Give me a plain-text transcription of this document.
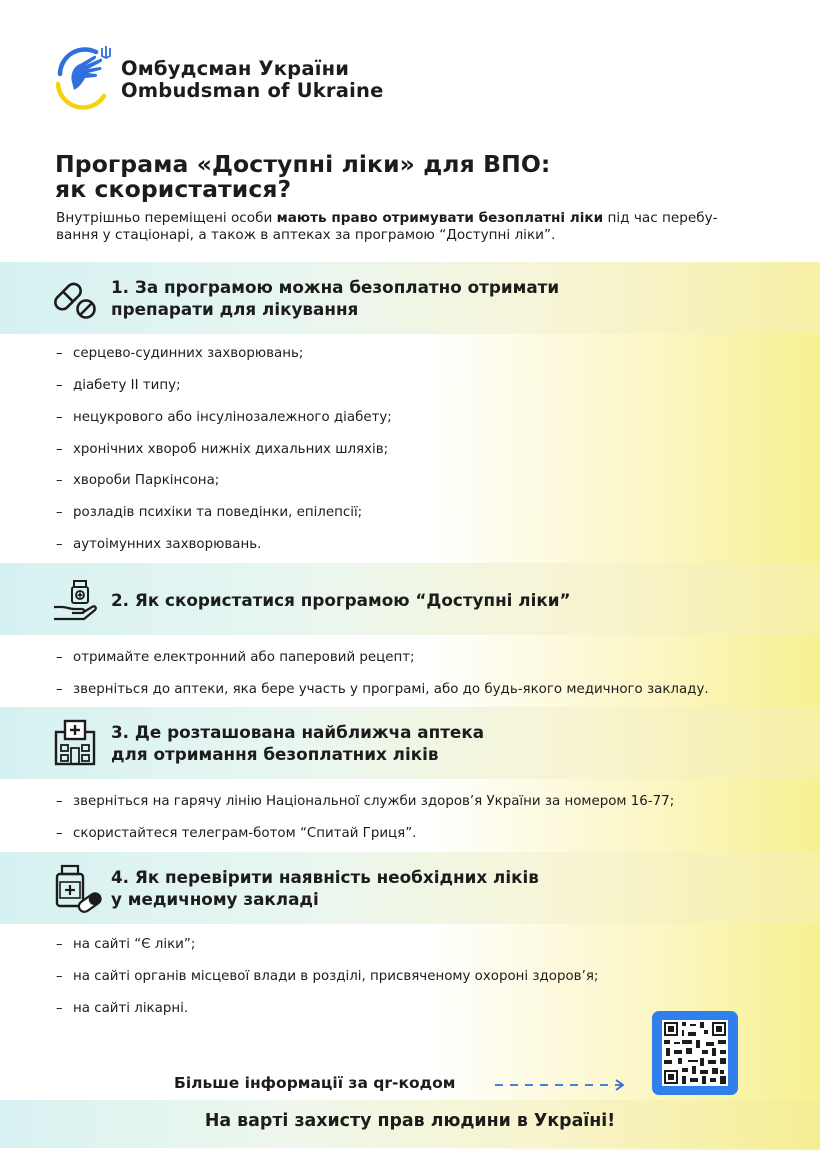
Омбудсман України
Ombudsman of Ukraine
Програма «Доступні ліки» для ВПО:
як скористатися?
Внутрішньо переміщені особи мають право отримувати безоплатні ліки під час перебу-
вання у стаціонарі, а також в аптеках за програмою “Доступні ліки”.
1. За програмою можна безоплатно отримати
препарати для лікування
– серцево-судинних захворювань;
– діабету ІІ типу;
– нецукрового або інсулінозалежного діабету;
– хронічних хвороб нижніх дихальних шляхів;
– хвороби Паркінсона;
– розладів психіки та поведінки, епілепсії;
– аутоімунних захворювань.
2. Як скористатися програмою “Доступні ліки”
– отримайте електронний або паперовий рецепт;
– зверніться до аптеки, яка бере участь у програмі, або до будь-якого медичного закладу.
3. Де розташована найближча аптека
для отримання безоплатних ліків
– зверніться на гарячу лінію Національної служби здоров’я України за номером 16-77;
– скористайтеся телеграм-ботом “Спитай Гриця”.
4. Як перевірити наявність необхідних ліків
у медичному закладі
– на сайті “Є ліки”;
– на сайті органів місцевої влади в розділі, присвяченому охороні здоров’я;
– на сайті лікарні.
Більше інформації за qr-кодом
На варті захисту прав людини в Україні!
